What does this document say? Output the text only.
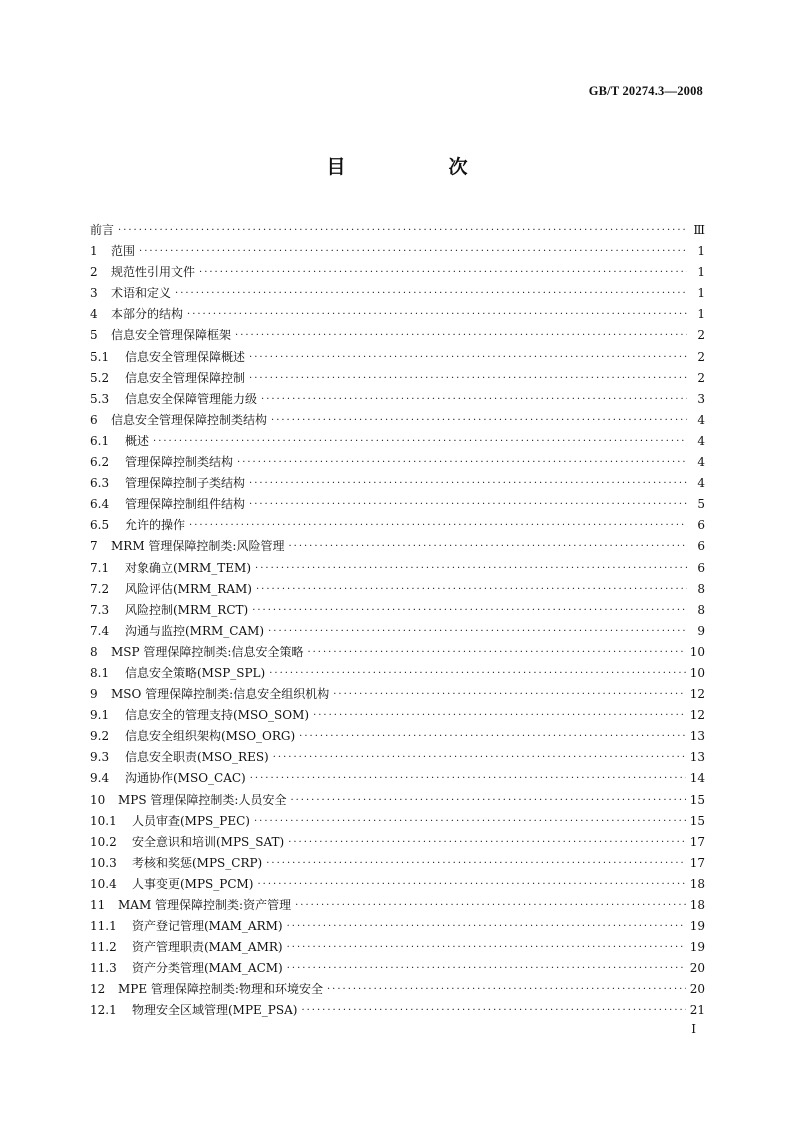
GB/T 20274.3—2008
目　次
前言 ·····	Ⅲ
1	范围 ·····	1
2	规范性引用文件 ·····	1
3	术语和定义 ·····	1
4	本部分的结构 ·····	1
5	信息安全管理保障框架 ·····	2
5.1	信息安全管理保障概述 ·····	2
5.2	信息安全管理保障控制 ·····	2
5.3	信息安全保障管理能力级 ·····	3
6	信息安全管理保障控制类结构 ·····	4
6.1	概述 ·····	4
6.2	管理保障控制类结构 ·····	4
6.3	管理保障控制子类结构 ·····	4
6.4	管理保障控制组件结构 ·····	5
6.5	允许的操作 ·····	6
7	MRM 管理保障控制类:风险管理 ·····	6
7.1	对象确立(MRM_TEM) ·····	6
7.2	风险评估(MRM_RAM) ·····	8
7.3	风险控制(MRM_RCT) ·····	8
7.4	沟通与监控(MRM_CAM) ·····	9
8	MSP 管理保障控制类:信息安全策略 ·····	10
8.1	信息安全策略(MSP_SPL) ·····	10
9	MSO 管理保障控制类:信息安全组织机构 ·····	12
9.1	信息安全的管理支持(MSO_SOM) ·····	12
9.2	信息安全组织架构(MSO_ORG) ·····	13
9.3	信息安全职责(MSO_RES) ·····	13
9.4	沟通协作(MSO_CAC) ·····	14
10	MPS 管理保障控制类:人员安全 ·····	15
10.1	人员审查(MPS_PEC) ·····	15
10.2	安全意识和培训(MPS_SAT) ·····	17
10.3	考核和奖惩(MPS_CRP) ·····	17
10.4	人事变更(MPS_PCM) ·····	18
11	MAM 管理保障控制类:资产管理 ·····	18
11.1	资产登记管理(MAM_ARM) ·····	19
11.2	资产管理职责(MAM_AMR) ·····	19
11.3	资产分类管理(MAM_ACM) ·····	20
12	MPE 管理保障控制类:物理和环境安全 ·····	20
12.1	物理安全区域管理(MPE_PSA) ·····	21
I
